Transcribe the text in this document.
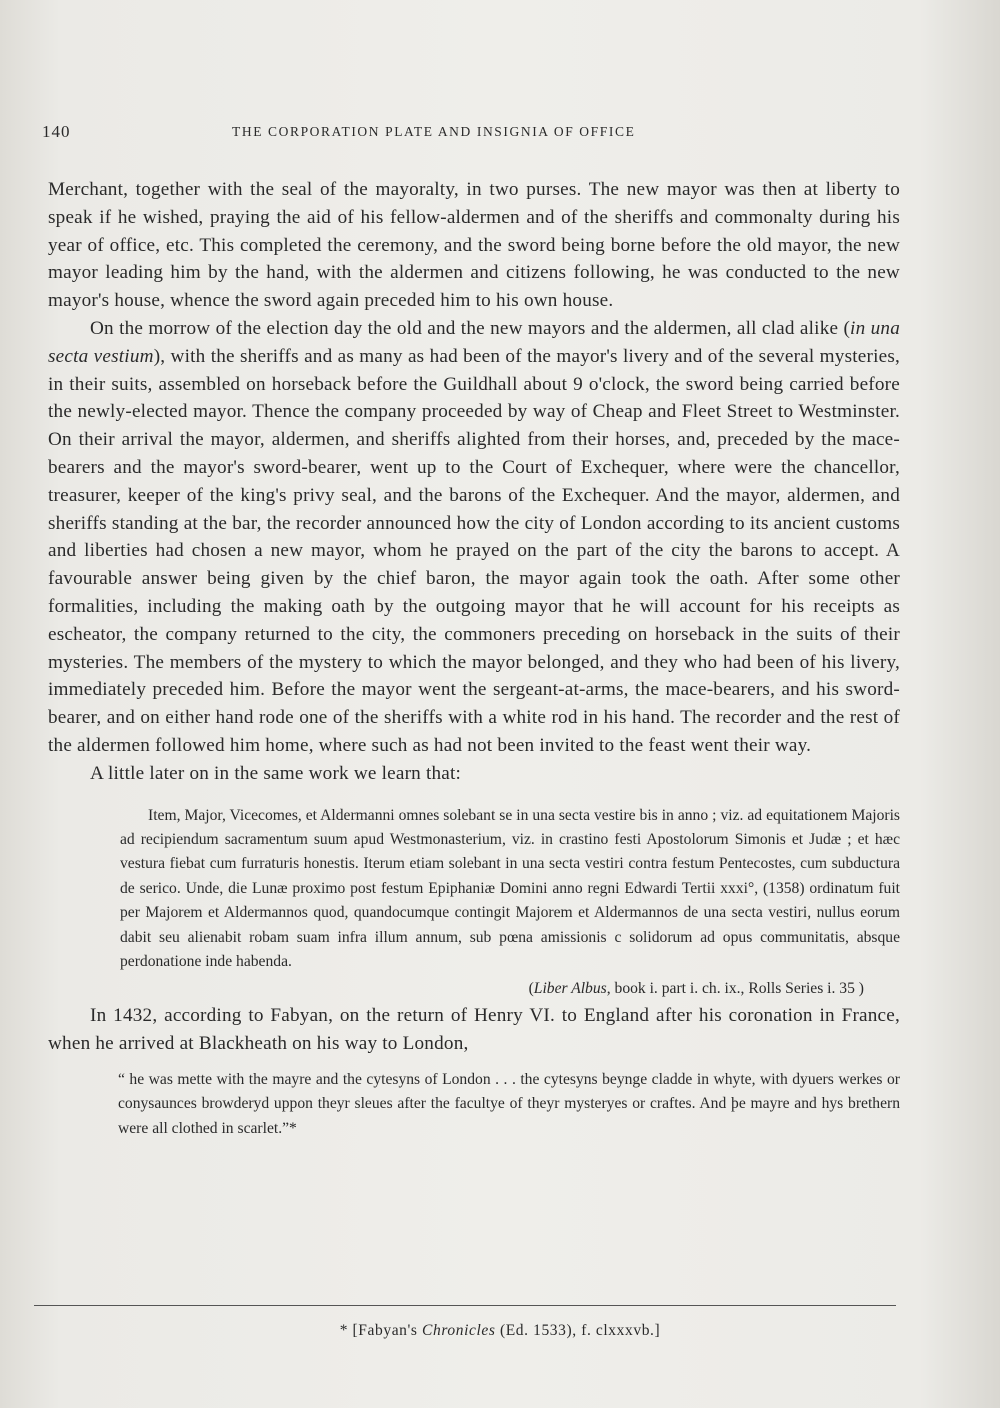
140	THE CORPORATION PLATE AND INSIGNIA OF OFFICE

Merchant, together with the seal of the mayoralty, in two purses. The new mayor was then at liberty to speak if he wished, praying the aid of his fellow-aldermen and of the sheriffs and commonalty during his year of office, etc. This completed the ceremony, and the sword being borne before the old mayor, the new mayor leading him by the hand, with the aldermen and citizens following, he was conducted to the new mayor's house, whence the sword again preceded him to his own house.

On the morrow of the election day the old and the new mayors and the aldermen, all clad alike (in una secta vestium), with the sheriffs and as many as had been of the mayor's livery and of the several mysteries, in their suits, assembled on horseback before the Guildhall about 9 o'clock, the sword being carried before the newly-elected mayor. Thence the company proceeded by way of Cheap and Fleet Street to Westminster. On their arrival the mayor, aldermen, and sheriffs alighted from their horses, and, preceded by the mace-bearers and the mayor's sword-bearer, went up to the Court of Exchequer, where were the chancellor, treasurer, keeper of the king's privy seal, and the barons of the Exchequer. And the mayor, aldermen, and sheriffs standing at the bar, the recorder announced how the city of London according to its ancient customs and liberties had chosen a new mayor, whom he prayed on the part of the city the barons to accept. A favourable answer being given by the chief baron, the mayor again took the oath. After some other formalities, including the making oath by the outgoing mayor that he will account for his receipts as escheator, the company returned to the city, the commoners preceding on horseback in the suits of their mysteries. The members of the mystery to which the mayor belonged, and they who had been of his livery, immediately preceded him. Before the mayor went the sergeant-at-arms, the mace-bearers, and his sword-bearer, and on either hand rode one of the sheriffs with a white rod in his hand. The recorder and the rest of the aldermen followed him home, where such as had not been invited to the feast went their way.

A little later on in the same work we learn that:

Item, Major, Vicecomes, et Aldermanni omnes solebant se in una secta vestire bis in anno ; viz. ad equitationem Majoris ad recipiendum sacramentum suum apud Westmonasterium, viz. in crastino festi Apostolorum Simonis et Judæ ; et hæc vestura fiebat cum furraturis honestis. Iterum etiam solebant in una secta vestiri contra festum Pentecostes, cum subductura de serico. Unde, die Lunæ proximo post festum Epiphaniæ Domini anno regni Edwardi Tertii xxxi°, (1358) ordinatum fuit per Majorem et Aldermannos quod, quandocumque contingit Majorem et Aldermannos de una secta vestiri, nullus eorum dabit seu alienabit robam suam infra illum annum, sub pœna amissionis c solidorum ad opus communitatis, absque perdonatione inde habenda.

(Liber Albus, book i. part i. ch. ix., Rolls Series i. 35 )

In 1432, according to Fabyan, on the return of Henry VI. to England after his coronation in France, when he arrived at Blackheath on his way to London,

“ he was mette with the mayre and the cytesyns of London . . . the cytesyns beynge cladde in whyte, with dyuers werkes or conysaunces browderyd uppon theyr sleues after the facultye of theyr mysteryes or craftes. And þe mayre and hys brethern were all clothed in scarlet.”*
* [Fabyan's Chronicles (Ed. 1533), f. clxxxvb.]
